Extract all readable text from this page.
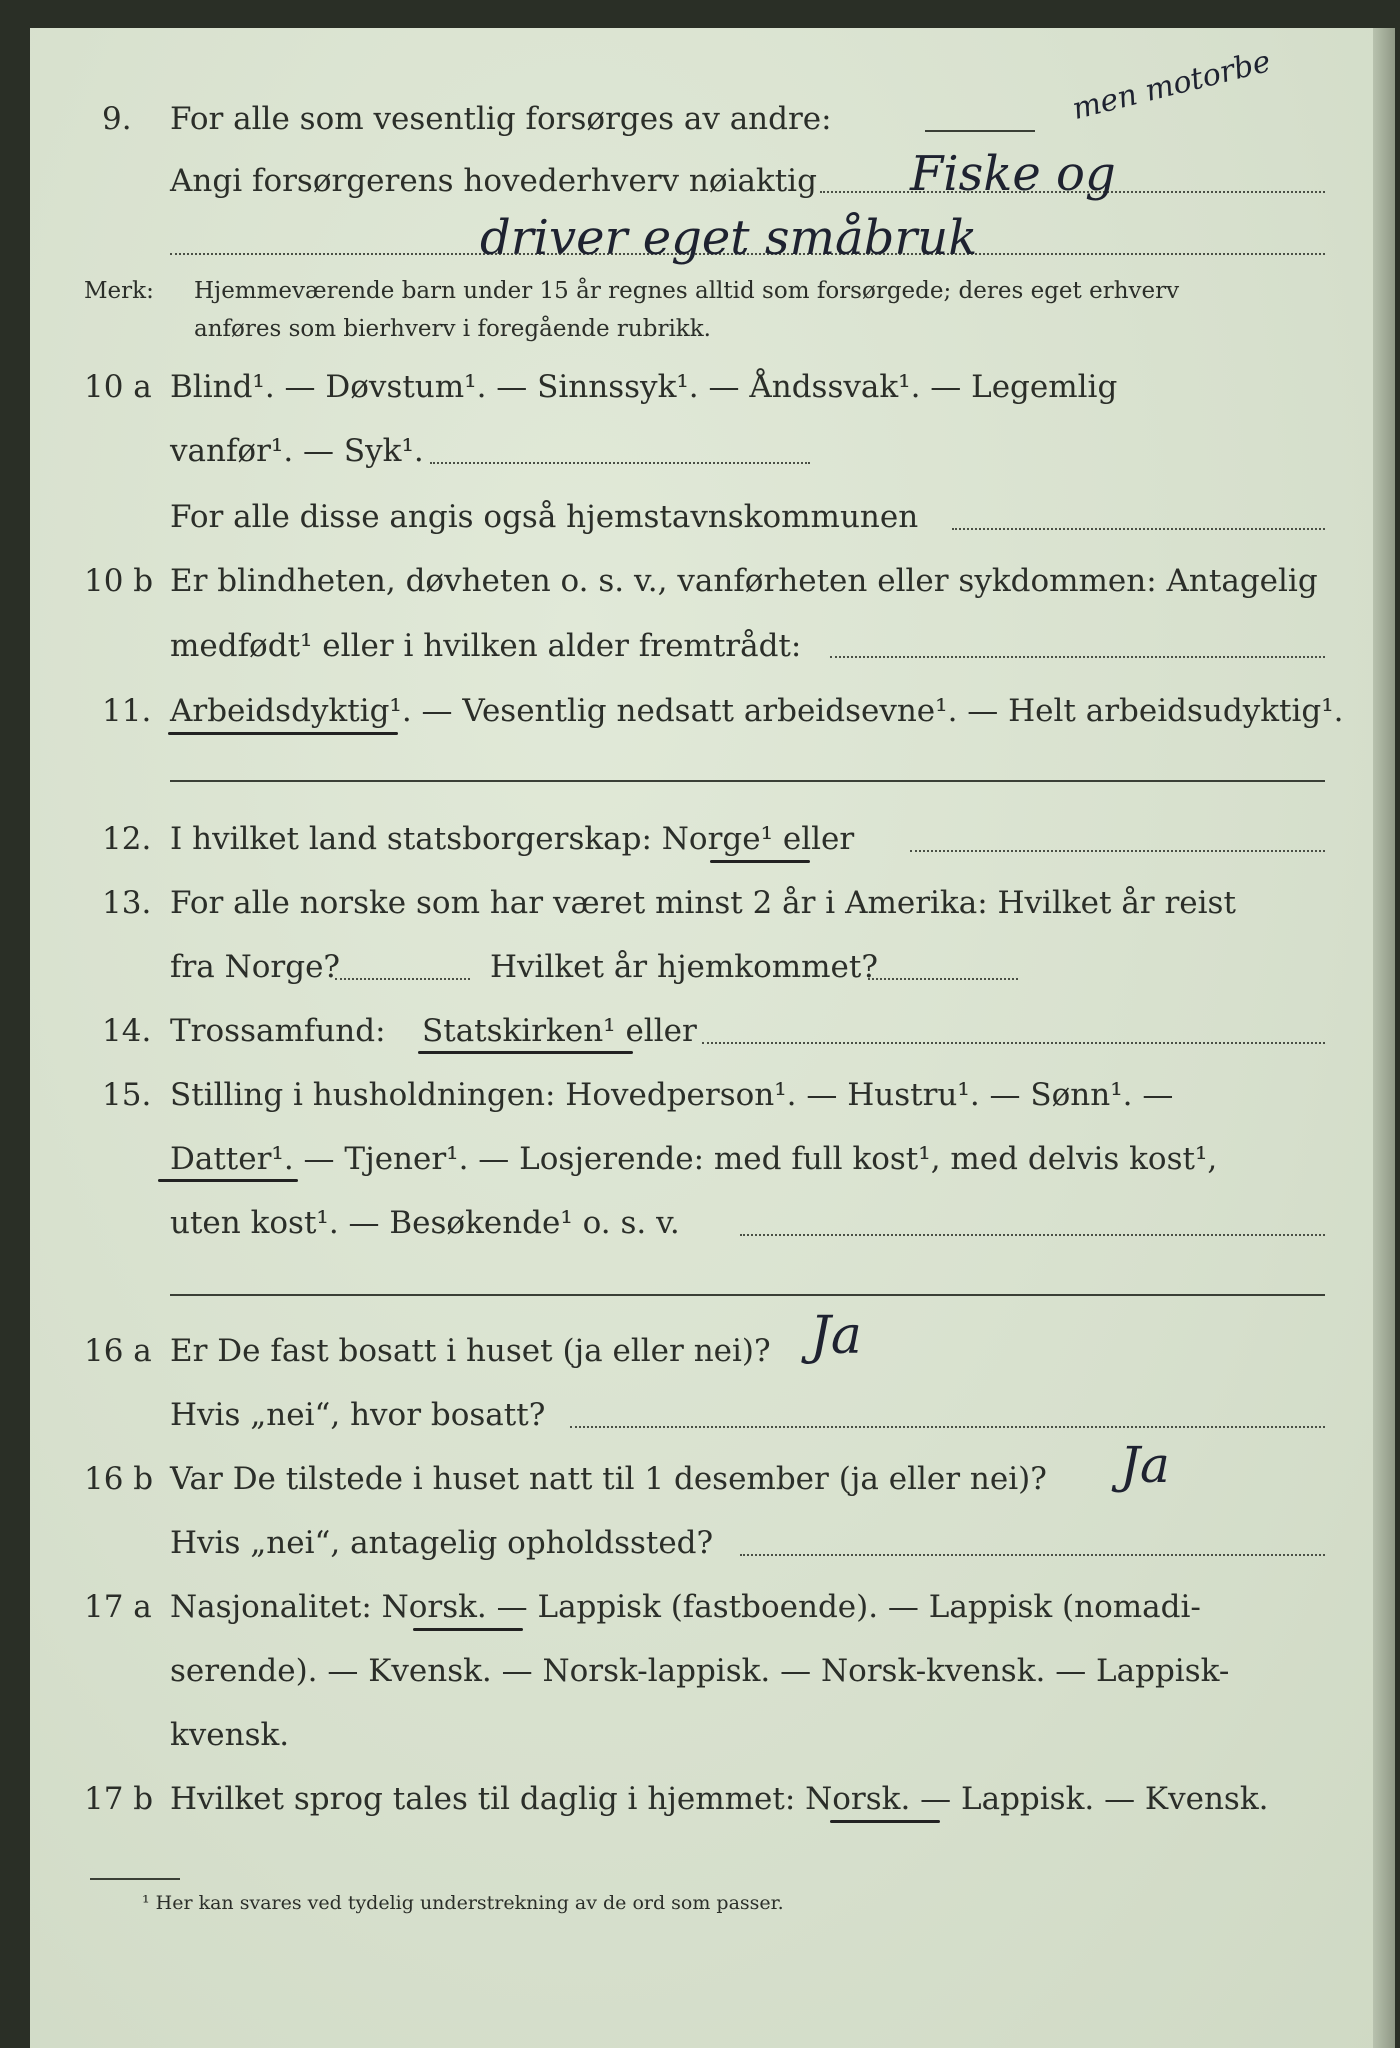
9. For alle som vesentlig forsørges av andre:	men motorbe
Angi forsørgerens hovederhverv nøiaktig Fiske og
driver eget småbruk
Merk: Hjemmeværende barn under 15 år regnes alltid som forsørgede; deres eget erhverv
anføres som bierhverv i foregående rubrikk.
10 a Blind¹. — Døvstum¹. — Sinnssyk¹. — Åndssvak¹. — Legemlig
vanfør¹. — Syk¹.
For alle disse angis også hjemstavnskommunen
10 b Er blindheten, døvheten o. s. v., vanførheten eller sykdommen: Antagelig
medfødt¹ eller i hvilken alder fremtrådt:
11. Arbeidsdyktig¹. — Vesentlig nedsatt arbeidsevne¹. — Helt arbeidsudyktig¹.
12. I hvilket land statsborgerskap: Norge¹ eller
13. For alle norske som har været minst 2 år i Amerika: Hvilket år reist
fra Norge?	Hvilket år hjemkommet?
14. Trossamfund: Statskirken¹ eller
15. Stilling i husholdningen: Hovedperson¹. — Hustru¹. — Sønn¹. —
Datter¹. — Tjener¹. — Losjerende: med full kost¹, med delvis kost¹,
uten kost¹. — Besøkende¹ o. s. v.
16 a Er De fast bosatt i huset (ja eller nei)? Ja
Hvis „nei“, hvor bosatt?
16 b Var De tilstede i huset natt til 1 desember (ja eller nei)? Ja
Hvis „nei“, antagelig opholdssted?
17 a Nasjonalitet: Norsk. — Lappisk (fastboende). — Lappisk (nomadi-
serende). — Kvensk. — Norsk-lappisk. — Norsk-kvensk. — Lappisk-
kvensk.
17 b Hvilket sprog tales til daglig i hjemmet: Norsk. — Lappisk. — Kvensk.
¹ Her kan svares ved tydelig understrekning av de ord som passer.
